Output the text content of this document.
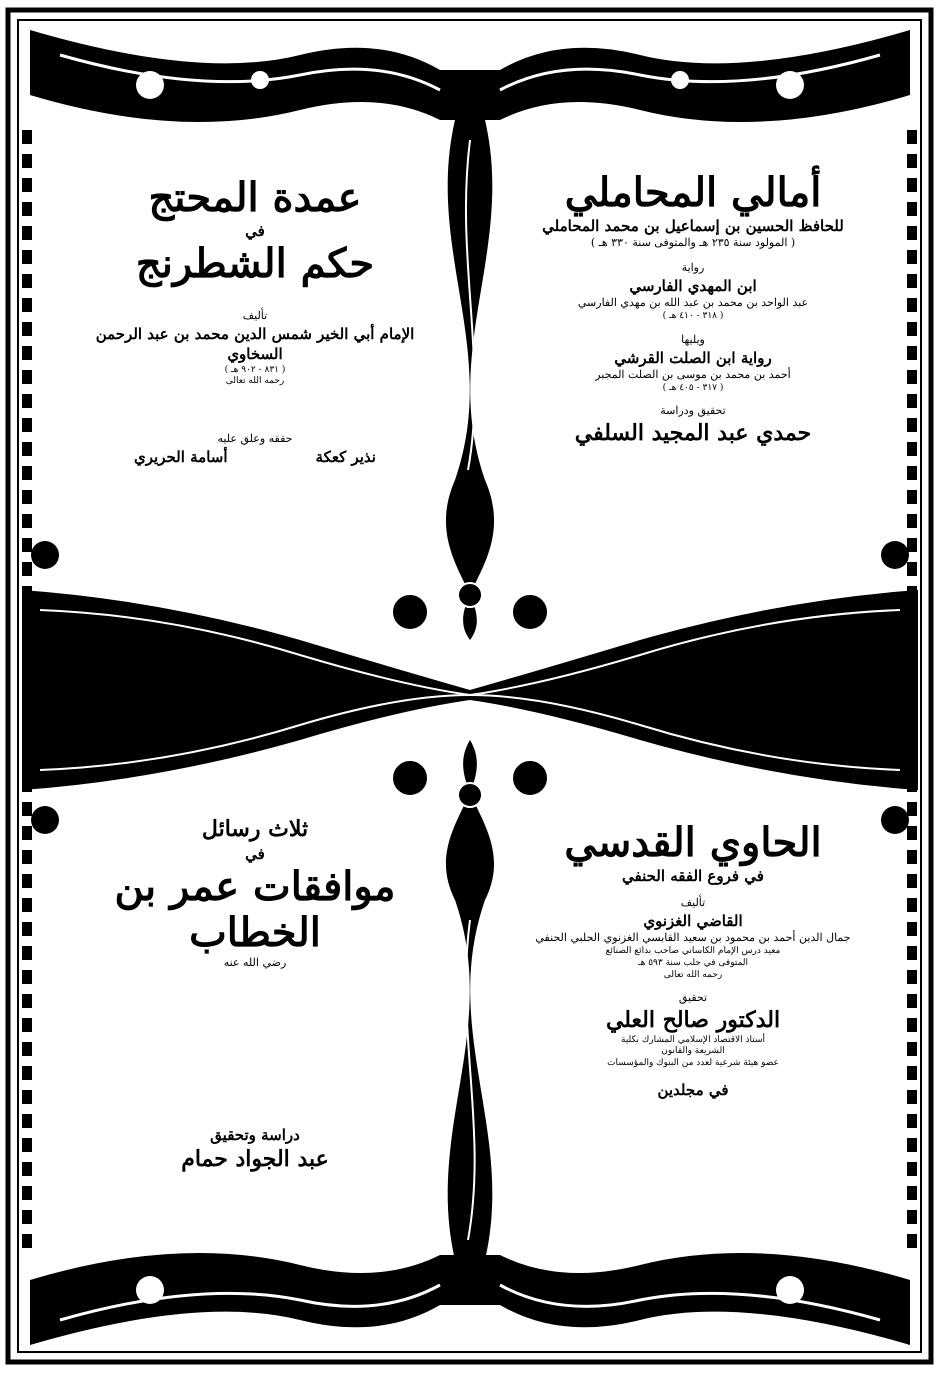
أمالي المحاملي
للحافظ الحسين بن إسماعيل بن محمد المحاملي
( المولود سنة ٢٣٥ هـ والمتوفى سنة ٣٣٠ هـ )
رواية
ابن المهدي الفارسي
عبد الواحد بن محمد بن عبد الله بن مهدي الفارسي
( ٣١٨ - ٤١٠ هـ )
ويليها
رواية ابن الصلت القرشي
أحمد بن محمد بن موسى بن الصلت المجبر
( ٣١٧ - ٤٠٥ هـ )
تحقيق ودراسة
حمدي عبد المجيد السلفي
عمدة المحتج
في
حكم الشطرنج
تأليف
الإمام أبي الخير شمس الدين محمد بن عبد الرحمن السخاوي
( ٨٣١ - ٩٠٢ هـ )
رحمه الله تعالى
حققه وعلق عليه
نذير كعكة
أسامة الحريري
الحاوي القدسي
في فروع الفقه الحنفي
تأليف
القاضي الغزنوي
جمال الدين أحمد بن محمود بن سعيد القابسي الغزنوي الحلبي الحنفي
معيد درس الإمام الكاساني صاحب بدائع الصنائع
المتوفى في حلب سنة ٥٩٣ هـ
رحمه الله تعالى
تحقيق
الدكتور صالح العلي
أستاذ الاقتصاد الإسلامي المشارك بكلية
الشريعة والقانون
عضو هيئة شرعية لعدد من البنوك والمؤسسات
في مجلدين
ثلاث رسائل
في
موافقات عمر بن الخطاب
رضي الله عنه
دراسة وتحقيق
عبد الجواد حمام
